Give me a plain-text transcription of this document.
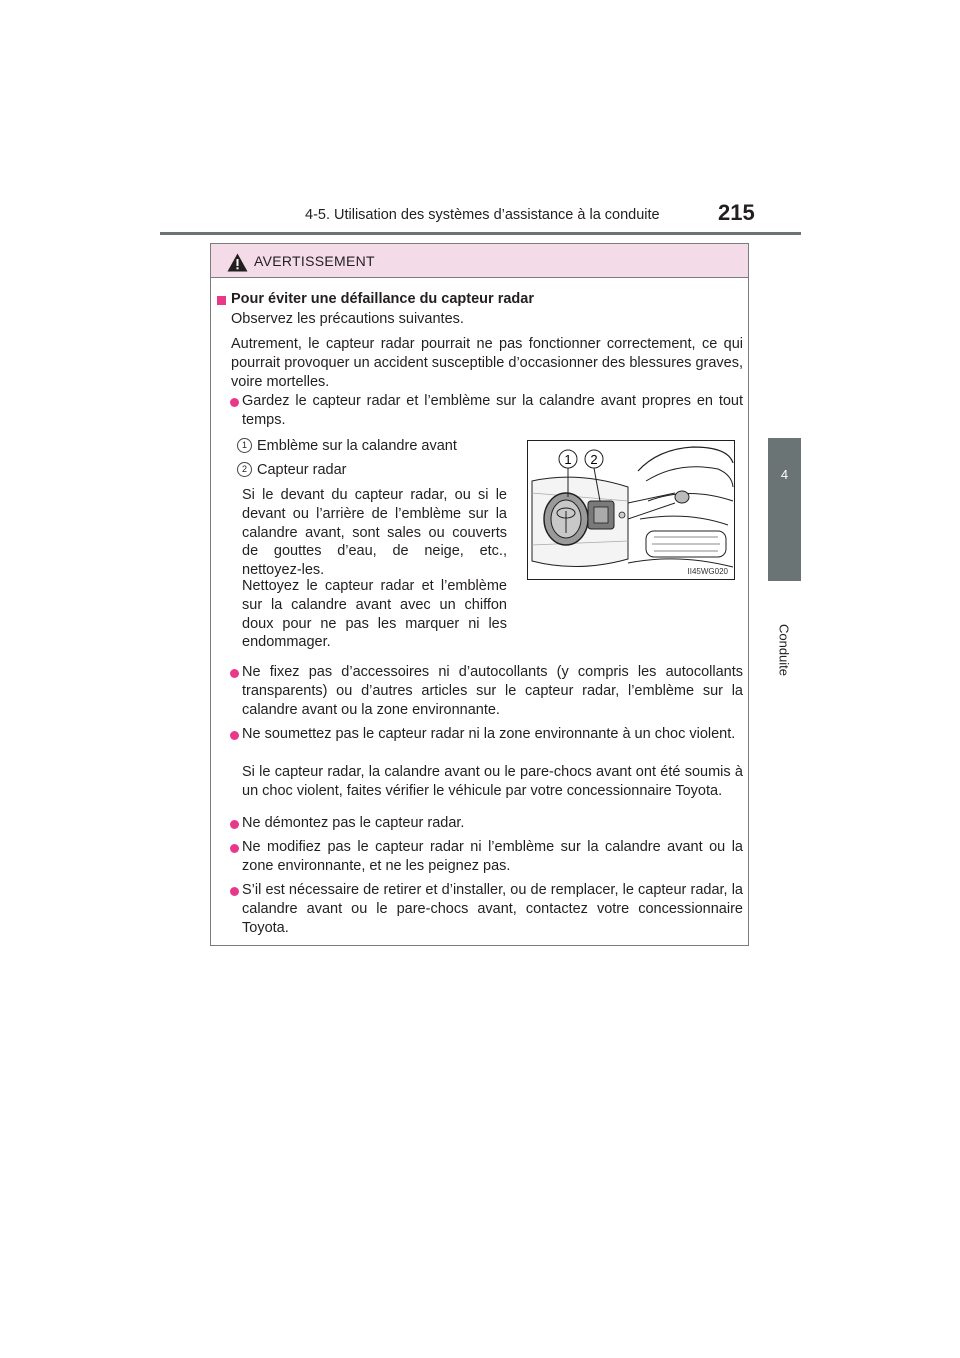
4-5. Utilisation des systèmes d’assistance à la conduite	215
4
Conduite
AVERTISSEMENT
Pour éviter une défaillance du capteur radar
Observez les précautions suivantes.
Autrement, le capteur radar pourrait ne pas fonctionner correctement, ce qui pourrait provoquer un accident susceptible d’occasionner des blessures graves, voire mortelles.
Gardez le capteur radar et l’emblème sur la calandre avant propres en tout temps.
1 Emblème sur la calandre avant
2 Capteur radar
Si le devant du capteur radar, ou si le devant ou l’arrière de l’emblème sur la calandre avant, sont sales ou couverts de gouttes d’eau, de neige, etc., nettoyez-les.
Nettoyez le capteur radar et l’emblème sur la calandre avant avec un chiffon doux pour ne pas les marquer ni les endommager.
1 2
II45WG020
Ne fixez pas d’accessoires ni d’autocollants (y compris les autocollants transparents) ou d’autres articles sur le capteur radar, l’emblème sur la calandre avant ou la zone environnante.
Ne soumettez pas le capteur radar ni la zone environnante à un choc violent.
Si le capteur radar, la calandre avant ou le pare-chocs avant ont été soumis à un choc violent, faites vérifier le véhicule par votre concessionnaire Toyota.
Ne démontez pas le capteur radar.
Ne modifiez pas le capteur radar ni l’emblème sur la calandre avant ou la zone environnante, et ne les peignez pas.
S’il est nécessaire de retirer et d’installer, ou de remplacer, le capteur radar, la calandre avant ou le pare-chocs avant, contactez votre concessionnaire Toyota.
